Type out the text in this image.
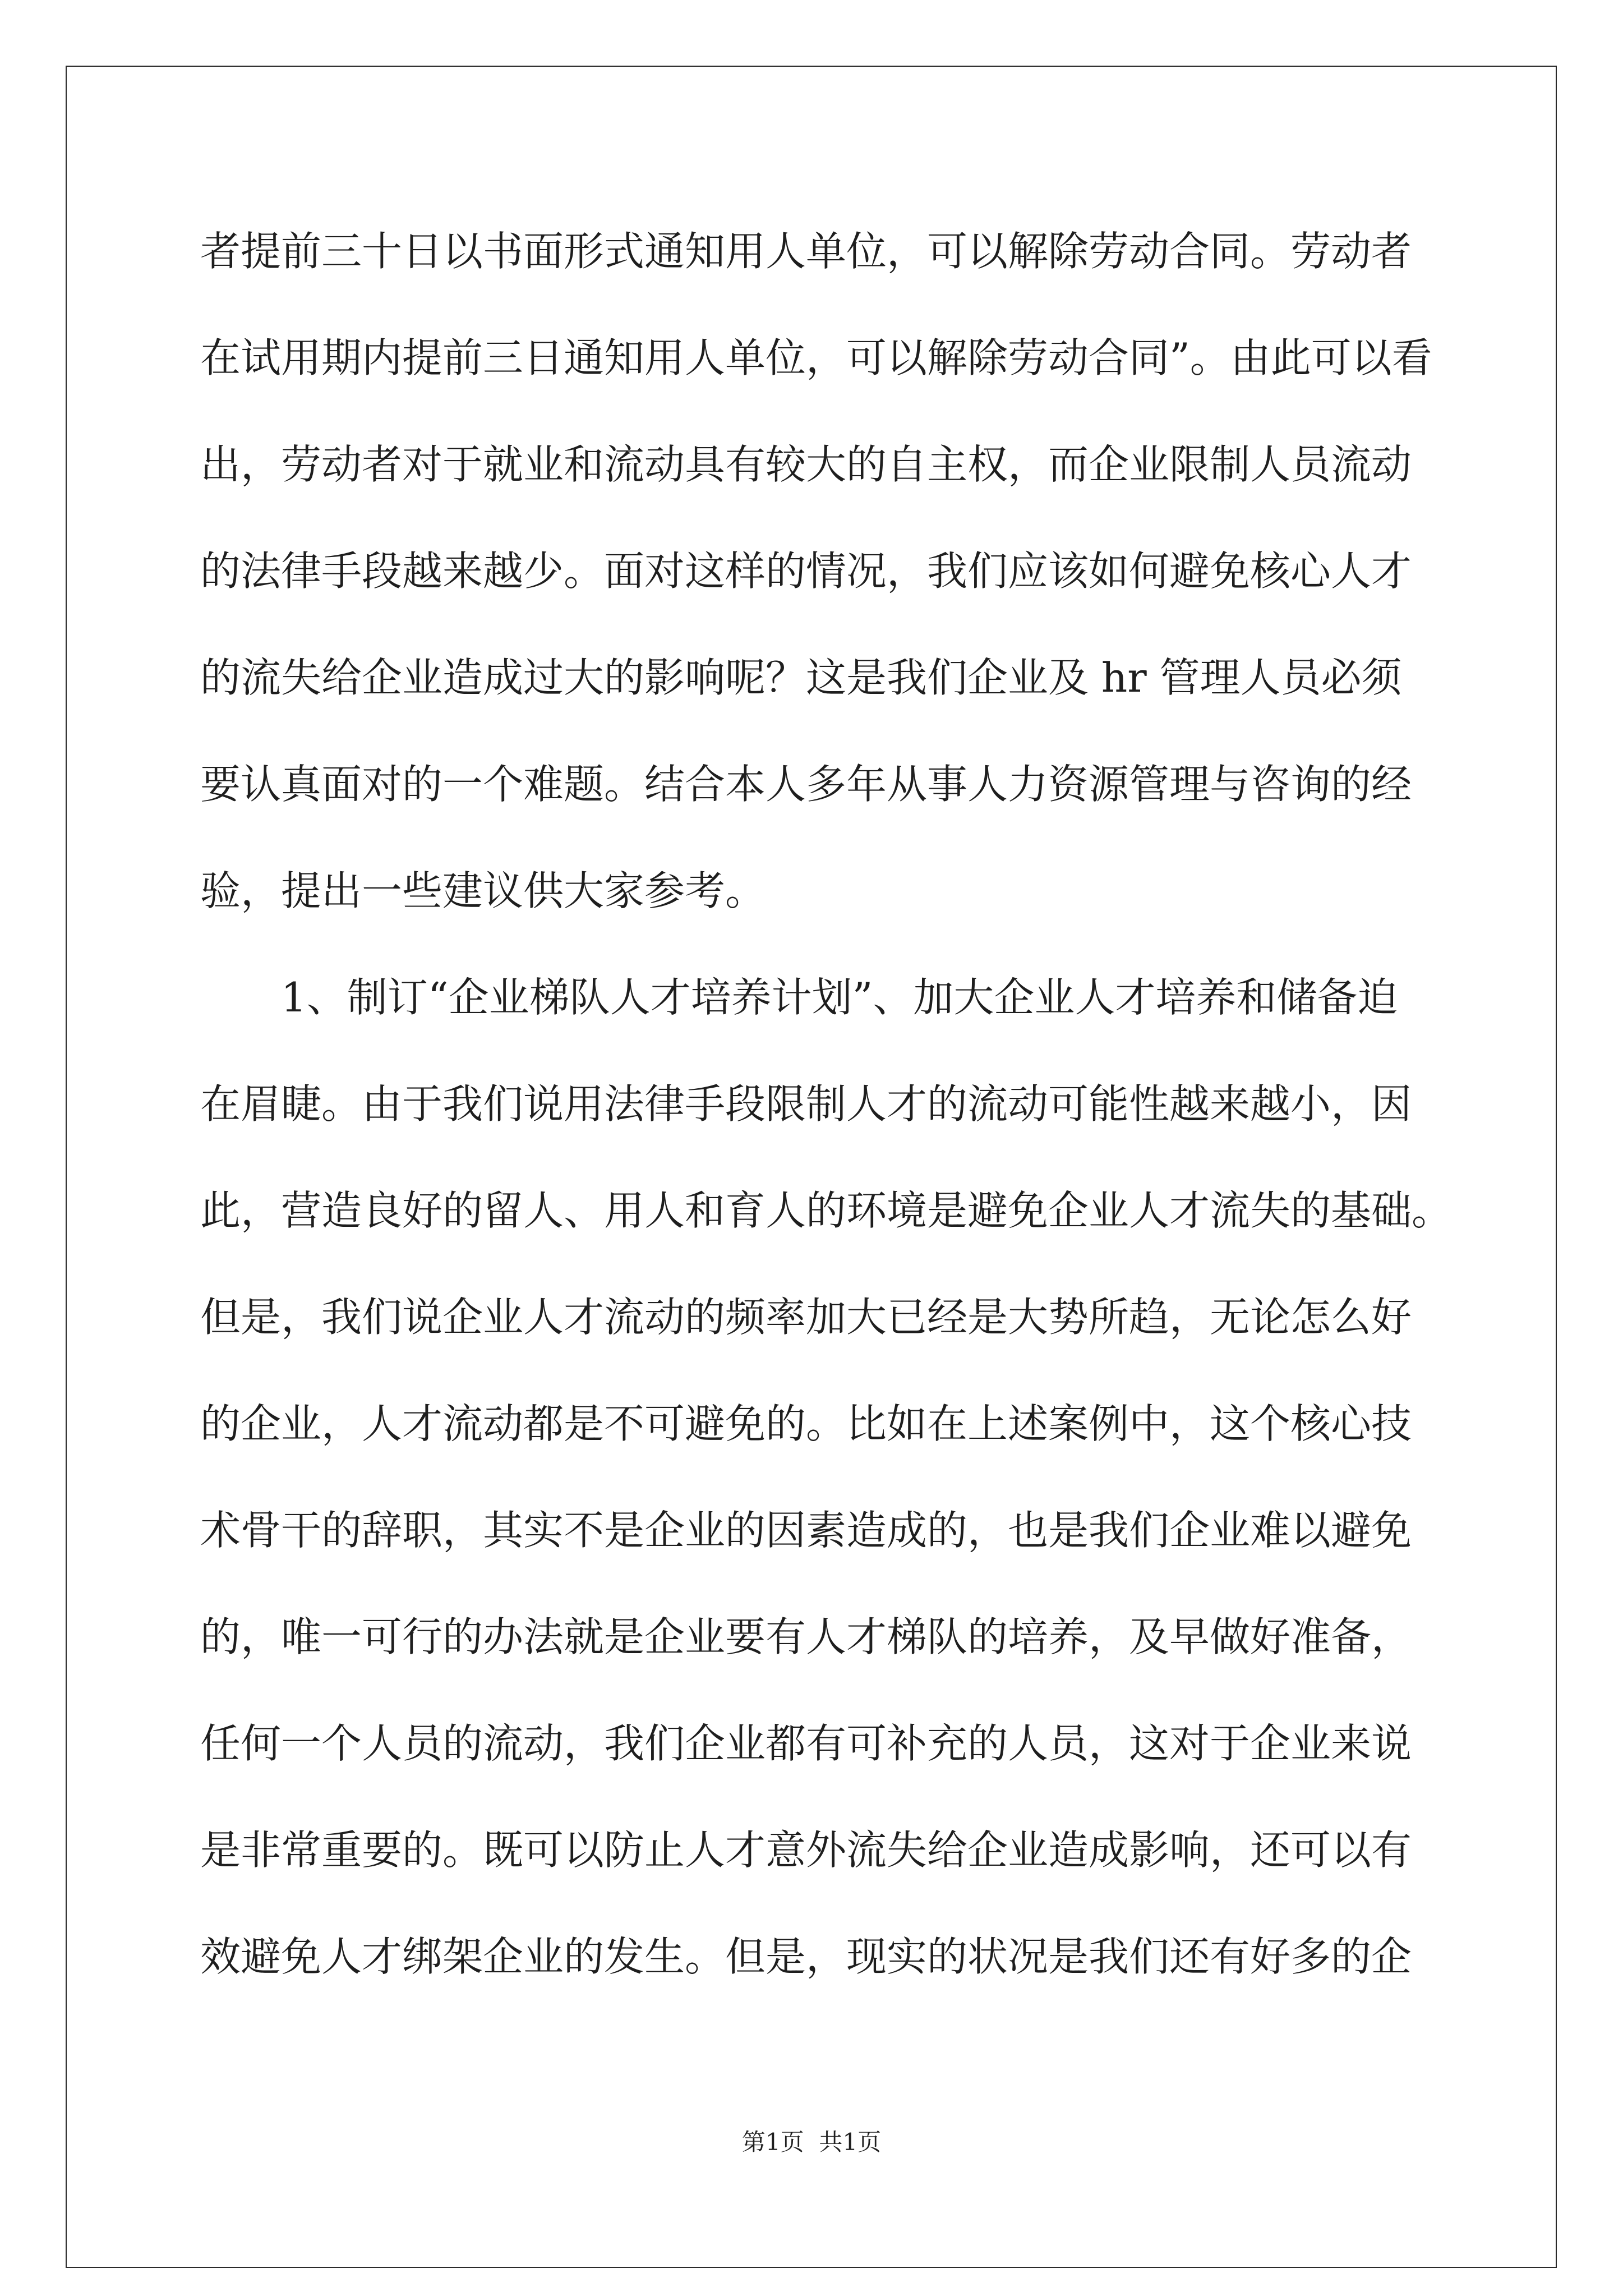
者提前三十日以书面形式通知用人单位，可以解除劳动合同。劳动者
在试用期内提前三日通知用人单位，可以解除劳动合同”。由此可以看
出，劳动者对于就业和流动具有较大的自主权，而企业限制人员流动
的法律手段越来越少。面对这样的情况，我们应该如何避免核心人才
的流失给企业造成过大的影响呢？这是我们企业及 hr 管理人员必须
要认真面对的一个难题。结合本人多年从事人力资源管理与咨询的经
验，提出一些建议供大家参考。
1、制订“企业梯队人才培养计划”、加大企业人才培养和储备迫
在眉睫。由于我们说用法律手段限制人才的流动可能性越来越小，因
此，营造良好的留人、用人和育人的环境是避免企业人才流失的基础。
但是，我们说企业人才流动的频率加大已经是大势所趋，无论怎么好
的企业，人才流动都是不可避免的。比如在上述案例中，这个核心技
术骨干的辞职，其实不是企业的因素造成的，也是我们企业难以避免
的，唯一可行的办法就是企业要有人才梯队的培养，及早做好准备，
任何一个人员的流动，我们企业都有可补充的人员，这对于企业来说
是非常重要的。既可以防止人才意外流失给企业造成影响，还可以有
效避免人才绑架企业的发生。但是，现实的状况是我们还有好多的企
第1页  共1页
